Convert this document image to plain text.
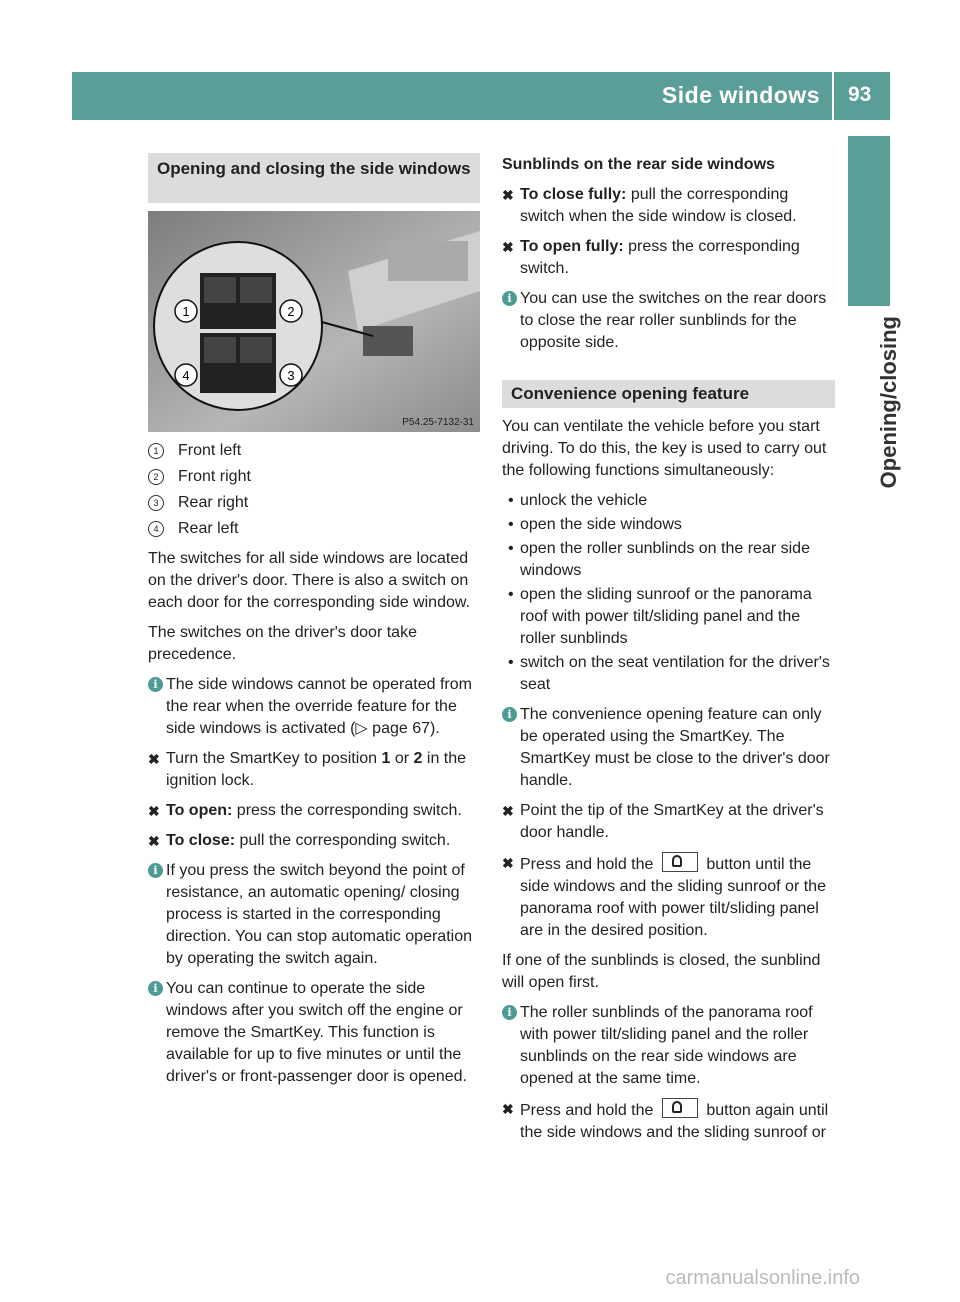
Side windows 93
Opening/closing
Opening and closing the side windows
1	2
3
4
P54.25-7132-31
1	Front left
2	Front right
3	Rear right
4	Rear left

The switches for all side windows are located on the driver's door. There is also a switch on each door for the corresponding side window.

The switches on the driver's door take precedence.

i The side windows cannot be operated from the rear when the override feature for the side windows is activated (▷ page 67).
✖ Turn the SmartKey to position 1 or 2 in the ignition lock.
✖ To open: press the corresponding switch.
✖ To close: pull the corresponding switch.
i If you press the switch beyond the point of resistance, an automatic opening/ closing process is started in the corresponding direction. You can stop automatic operation by operating the switch again.
i You can continue to operate the side windows after you switch off the engine or remove the SmartKey. This function is available for up to five minutes or until the driver's or front-passenger door is opened.

Sunblinds on the rear side windows

✖ To close fully: pull the corresponding switch when the side window is closed.
✖ To open fully: press the corresponding switch.
i You can use the switches on the rear doors to close the rear roller sunblinds for the opposite side.
Convenience opening feature

You can ventilate the vehicle before you start driving. To do this, the key is used to carry out the following functions simultaneously:

• unlock the vehicle
• open the side windows
• open the roller sunblinds on the rear side windows
• open the sliding sunroof or the panorama roof with power tilt/sliding panel and the roller sunblinds
• switch on the seat ventilation for the driver's seat
i The convenience opening feature can only be operated using the SmartKey. The SmartKey must be close to the driver's door handle.
✖ Point the tip of the SmartKey at the driver's door handle.
✖ Press and hold the	button until the side windows and the sliding sunroof or the panorama roof with power tilt/sliding panel are in the desired position.

If one of the sunblinds is closed, the sunblind will open first.

i The roller sunblinds of the panorama roof with power tilt/sliding panel and the roller sunblinds on the rear side windows are opened at the same time.
✖ Press and hold the	button again until the side windows and the sliding sunroof or
carmanualsonline.info
